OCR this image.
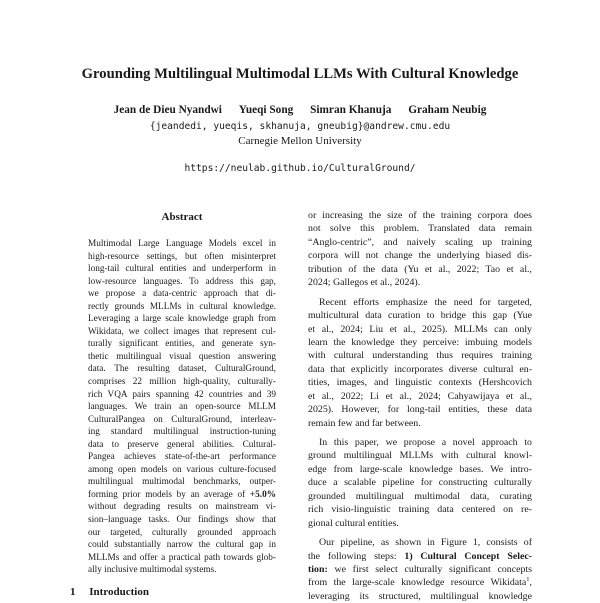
Grounding Multilingual Multimodal LLMs With Cultural Knowledge
Jean de Dieu Nyandwi Yueqi Song Simran Khanuja Graham Neubig
{jeandedi, yueqis, skhanuja, gneubig}@andrew.cmu.edu
Carnegie Mellon University
https://neulab.github.io/CulturalGround/
Abstract
Multimodal Large Language Models excel in
high-resource settings, but often misinterpret
long-tail cultural entities and underperform in
low-resource languages. To address this gap,
we propose a data-centric approach that di-
rectly grounds MLLMs in cultural knowledge.
Leveraging a large scale knowledge graph from
Wikidata, we collect images that represent cul-
turally significant entities, and generate syn-
thetic multilingual visual question answering
data. The resulting dataset, CulturalGround,
comprises 22 million high-quality, culturally-
rich VQA pairs spanning 42 countries and 39
languages. We train an open-source MLLM
CulturalPangea on CulturalGround, interleav-
ing standard multilingual instruction-tuning
data to preserve general abilities. Cultural-
Pangea achieves state-of-the-art performance
among open models on various culture-focused
multilingual multimodal benchmarks, outper-
forming prior models by an average of +5.0%
without degrading results on mainstream vi-
sion–language tasks. Our findings show that
our targeted, culturally grounded approach
could substantially narrow the cultural gap in
MLLMs and offer a practical path towards glob-
ally inclusive multimodal systems.
1 Introduction
or increasing the size of the training corpora does
not solve this problem. Translated data remain
“Anglo-centric”, and naively scaling up training
corpora will not change the underlying biased dis-
tribution of the data (Yu et al., 2022; Tao et al.,
2024; Gallegos et al., 2024).
Recent efforts emphasize the need for targeted,
multicultural data curation to bridge this gap (Yue
et al., 2024; Liu et al., 2025). MLLMs can only
learn the knowledge they perceive: imbuing models
with cultural understanding thus requires training
data that explicitly incorporates diverse cultural en-
tities, images, and linguistic contexts (Hershcovich
et al., 2022; Li et al., 2024; Cahyawijaya et al.,
2025). However, for long-tail entities, these data
remain few and far between.
In this paper, we propose a novel approach to
ground multilingual MLLMs with cultural knowl-
edge from large-scale knowledge bases. We intro-
duce a scalable pipeline for constructing culturally
grounded multilingual multimodal data, curating
rich visio-linguistic training data centered on re-
gional cultural entities.
Our pipeline, as shown in Figure 1, consists of
the following steps: 1) Cultural Concept Selec-
tion: we first select culturally significant concepts
from the large-scale knowledge resource Wikidata$^1$,
leveraging its structured, multilingual knowledge
